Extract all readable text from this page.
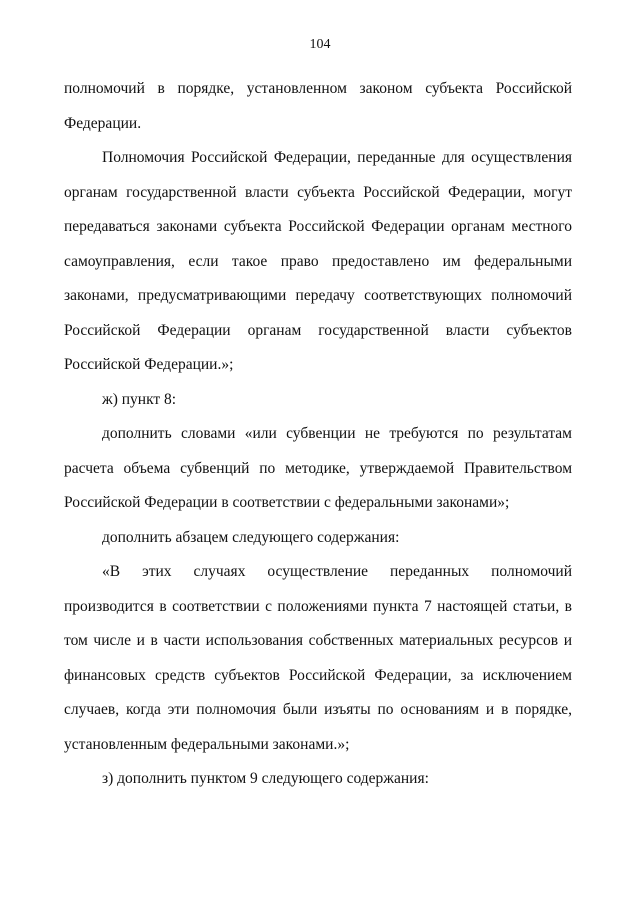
104

полномочий в порядке, установленном законом субъекта Российской Федерации.

Полномочия Российской Федерации, переданные для осуществления органам государственной власти субъекта Российской Федерации, могут передаваться законами субъекта Российской Федерации органам местного самоуправления, если такое право предоставлено им федеральными законами, предусматривающими передачу соответствующих полномочий Российской Федерации органам государственной власти субъектов Российской Федерации.»;

ж) пункт 8:

дополнить словами «или субвенции не требуются по результатам расчета объема субвенций по методике, утверждаемой Правительством Российской Федерации в соответствии с федеральными законами»;

дополнить абзацем следующего содержания:

«В этих случаях осуществление переданных полномочий производится в соответствии с положениями пункта 7 настоящей статьи, в том числе и в части использования собственных материальных ресурсов и финансовых средств субъектов Российской Федерации, за исключением случаев, когда эти полномочия были изъяты по основаниям и в порядке, установленным федеральными законами.»;

з) дополнить пунктом 9 следующего содержания:
